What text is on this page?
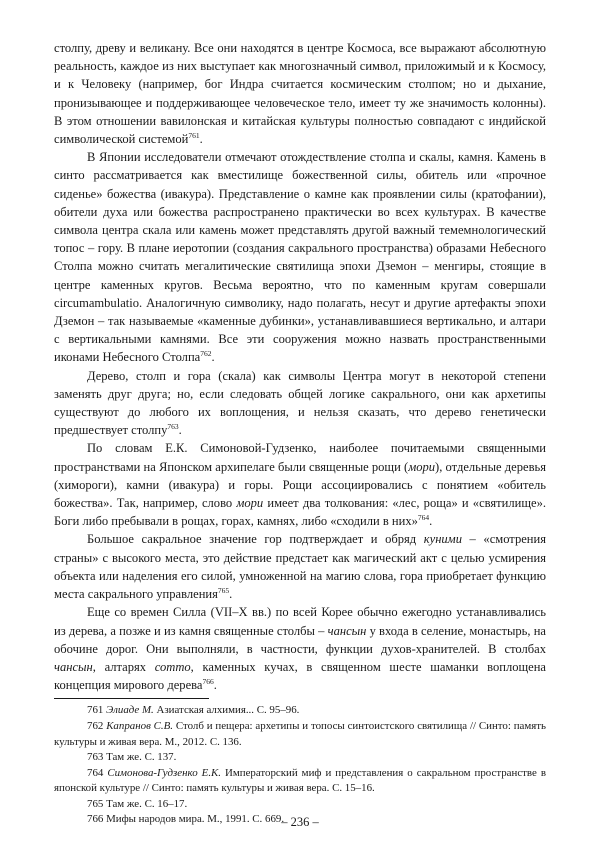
столпу, древу и великану. Все они находятся в центре Космоса, все выражают абсолютную реальность, каждое из них выступает как многозначный символ, приложимый и к Космосу, и к Человеку (например, бог Индра считается космическим столпом; но и дыхание, пронизывающее и поддерживающее человеческое тело, имеет ту же значимость колонны). В этом отношении вавилонская и китайская культуры полностью совпадают с индийской символической системой$^{761}$.

В Японии исследователи отмечают отождествление столпа и скалы, камня. Камень в синто рассматривается как вместилище божественной силы, обитель или «прочное сиденье» божества (ивакура). Представление о камне как проявлении силы (кратофании), обители духа или божества распространено практически во всех культурах. В качестве символа центра скала или камень может представлять другой важный темемнологический топос – гору. В плане иеротопии (создания сакрального пространства) образами Небесного Столпа можно считать мегалитические святилища эпохи Дземон – менгиры, стоящие в центре каменных кругов. Весьма вероятно, что по каменным кругам совершали circumambulatio. Аналогичную символику, надо полагать, несут и другие артефакты эпохи Дземон – так называемые «каменные дубинки», устанавливавшиеся вертикально, и алтари с вертикальными камнями. Все эти сооружения можно назвать пространственными иконами Небесного Столпа$^{762}$.

Дерево, столп и гора (скала) как символы Центра могут в некоторой степени заменять друг друга; но, если следовать общей логике сакрального, они как архетипы существуют до любого их воплощения, и нельзя сказать, что дерево генетически предшествует столпу$^{763}$.

По словам Е.К. Симоновой-Гудзенко, наиболее почитаемыми священными пространствами на Японском архипелаге были священные рощи (мори), отдельные деревья (химороги), камни (ивакура) и горы. Рощи ассоциировались с понятием «обитель божества». Так, например, слово мори имеет два толкования: «лес, роща» и «святилище». Боги либо пребывали в рощах, горах, камнях, либо «сходили в них»$^{764}$.

Большое сакральное значение гор подтверждает и обряд куними – «смотрения страны» с высокого места, это действие предстает как магический акт с целью усмирения объекта или наделения его силой, умноженной на магию слова, гора приобретает функцию места сакрального управления$^{765}$.

Еще со времен Силла (VII–X вв.) по всей Корее обычно ежегодно устанавливались из дерева, а позже и из камня священные столбы – чансын у входа в селение, монастырь, на обочине дорог. Они выполняли, в частности, функции духов-хранителей. В столбах чансын, алтарях сотто, каменных кучах, в священном шесте шаманки воплощена концепция мирового дерева$^{766}$.

761 Элиаде М. Азиатская алхимия... С. 95–96.

762 Капранов С.В. Столб и пещера: архетипы и топосы синтоистского святилища // Синто: память культуры и живая вера. М., 2012. С. 136.

763 Там же. С. 137.

764 Симонова-Гудзенко Е.К. Императорский миф и представления о сакральном пространстве в японской культуре // Синто: память культуры и живая вера. С. 15–16.

765 Там же. С. 16–17.

766 Мифы народов мира. М., 1991. С. 669.

– 236 –
